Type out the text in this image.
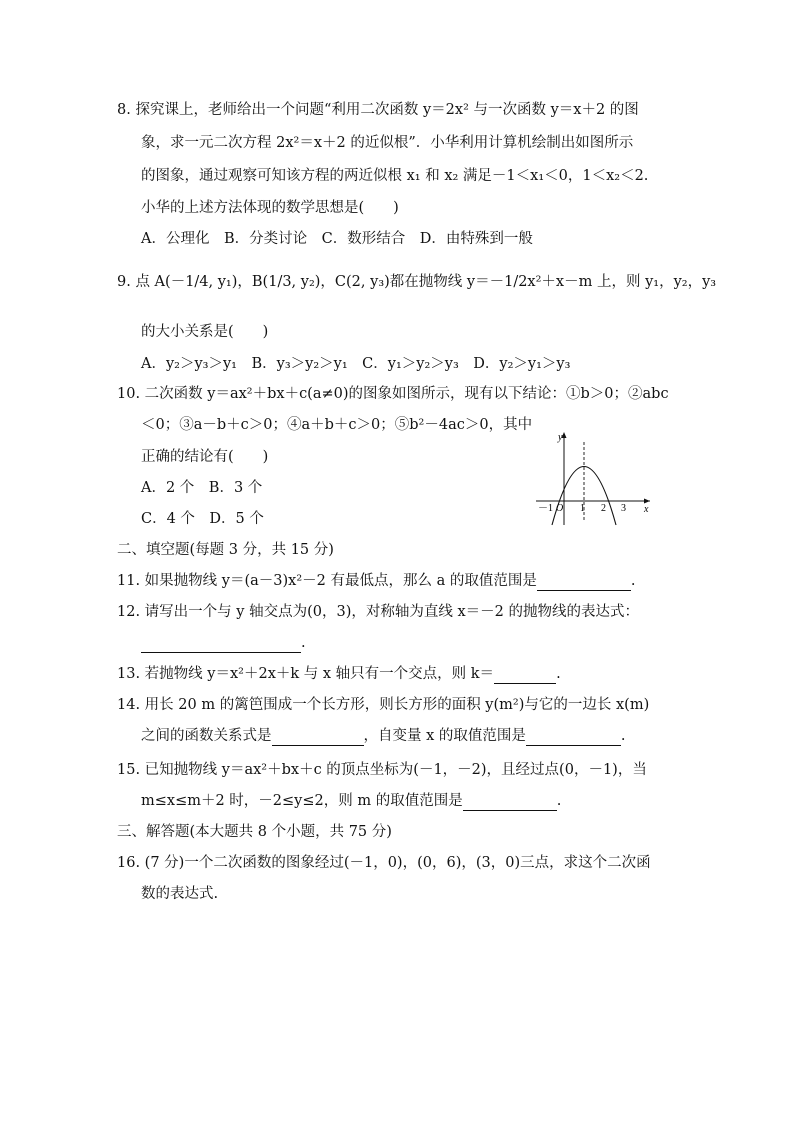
8. 探究课上，老师给出一个问题“利用二次函数 y＝2x² 与一次函数 y＝x＋2 的图
象，求一元二次方程 2x²＝x＋2 的近似根”．小华利用计算机绘制出如图所示
的图象，通过观察可知该方程的两近似根 x₁ 和 x₂ 满足－1＜x₁＜0，1＜x₂＜2.
小华的上述方法体现的数学思想是(　　)
A．公理化　B．分类讨论　C．数形结合　D．由特殊到一般
9. 点 A(－1/4, y₁)，B(1/3, y₂)，C(2, y₃)都在抛物线 y＝－1/2x²＋x－m 上，则 y₁，y₂，y₃
的大小关系是(　　)
A．y₂＞y₃＞y₁　B．y₃＞y₂＞y₁　C．y₁＞y₂＞y₃　D．y₂＞y₁＞y₃
10. 二次函数 y＝ax²＋bx＋c(a≠0)的图象如图所示，现有以下结论：①b＞0；②abc
＜0；③a－b＋c＞0；④a＋b＋c＞0；⑤b²－4ac＞0，其中
正确的结论有(　　)
A．2 个　B．3 个
C．4 个　D．5 个
y
x
O
－1	1 2 3
二、填空题(每题 3 分，共 15 分)
11. 如果抛物线 y＝(a－3)x²－2 有最低点，那么 a 的取值范围是	.
12. 请写出一个与 y 轴交点为(0，3)，对称轴为直线 x＝－2 的抛物线的表达式：
.
13. 若抛物线 y＝x²＋2x＋k 与 x 轴只有一个交点，则 k＝	.
14. 用长 20 m 的篱笆围成一个长方形，则长方形的面积 y(m²)与它的一边长 x(m)
之间的函数关系式是	，自变量 x 的取值范围是	.
15. 已知抛物线 y＝ax²＋bx＋c 的顶点坐标为(－1，－2)，且经过点(0，－1)，当
m≤x≤m＋2 时，－2≤y≤2，则 m 的取值范围是	.
三、解答题(本大题共 8 个小题，共 75 分)
16. (7 分)一个二次函数的图象经过(－1，0)，(0，6)，(3，0)三点，求这个二次函
数的表达式.
